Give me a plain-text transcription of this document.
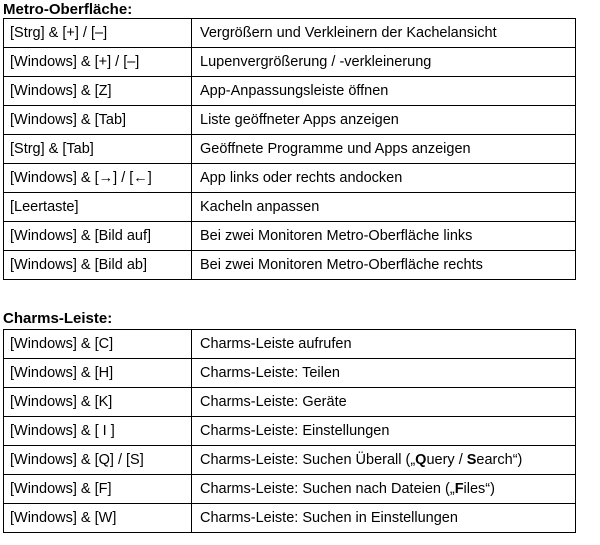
Metro-Oberfläche:
[Strg] & [+] / [–]	Vergrößern und Verkleinern der Kachelansicht
[Windows] & [+] / [–]	Lupenvergrößerung / -verkleinerung
[Windows] & [Z]	App-Anpassungsleiste öffnen
[Windows] & [Tab]	Liste geöffneter Apps anzeigen
[Strg] & [Tab]	Geöffnete Programme und Apps anzeigen
[Windows] & [→] / [←]	App links oder rechts andocken
[Leertaste]	Kacheln anpassen
[Windows] & [Bild auf]	Bei zwei Monitoren Metro-Oberfläche links
[Windows] & [Bild ab]	Bei zwei Monitoren Metro-Oberfläche rechts
Charms-Leiste:
[Windows] & [C]	Charms-Leiste aufrufen
[Windows] & [H]	Charms-Leiste: Teilen
[Windows] & [K]	Charms-Leiste: Geräte
[Windows] & [ I ]	Charms-Leiste: Einstellungen
[Windows] & [Q] / [S]	Charms-Leiste: Suchen Überall („Query / Search“)
[Windows] & [F]	Charms-Leiste: Suchen nach Dateien („Files“)
[Windows] & [W]	Charms-Leiste: Suchen in Einstellungen
